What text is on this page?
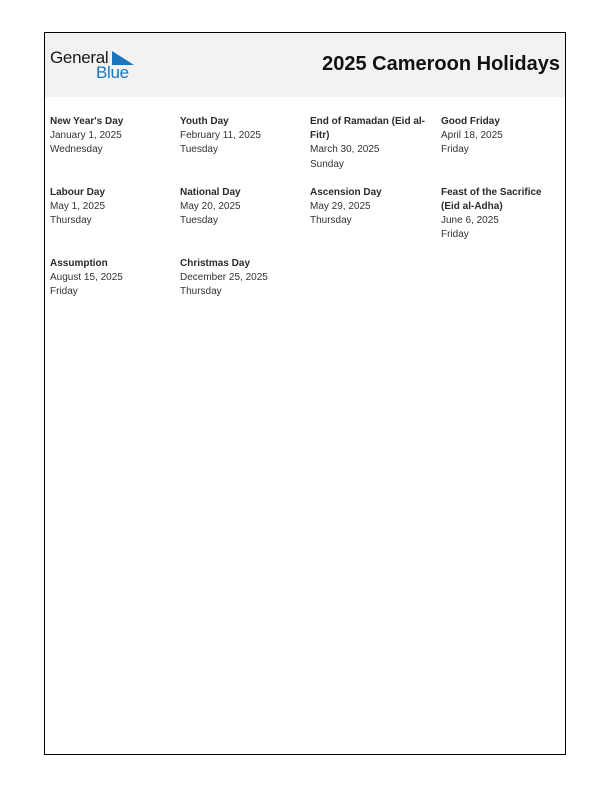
General
Blue	2025 Cameroon Holidays
New Year's Day
January 1, 2025
Wednesday
Youth Day
February 11, 2025
Tuesday
End of Ramadan (Eid al-Fitr)
March 30, 2025
Sunday
Good Friday
April 18, 2025
Friday
Labour Day
May 1, 2025
Thursday
National Day
May 20, 2025
Tuesday
Ascension Day
May 29, 2025
Thursday
Feast of the Sacrifice (Eid al-Adha)
June 6, 2025
Friday
Assumption
August 15, 2025
Friday
Christmas Day
December 25, 2025
Thursday
